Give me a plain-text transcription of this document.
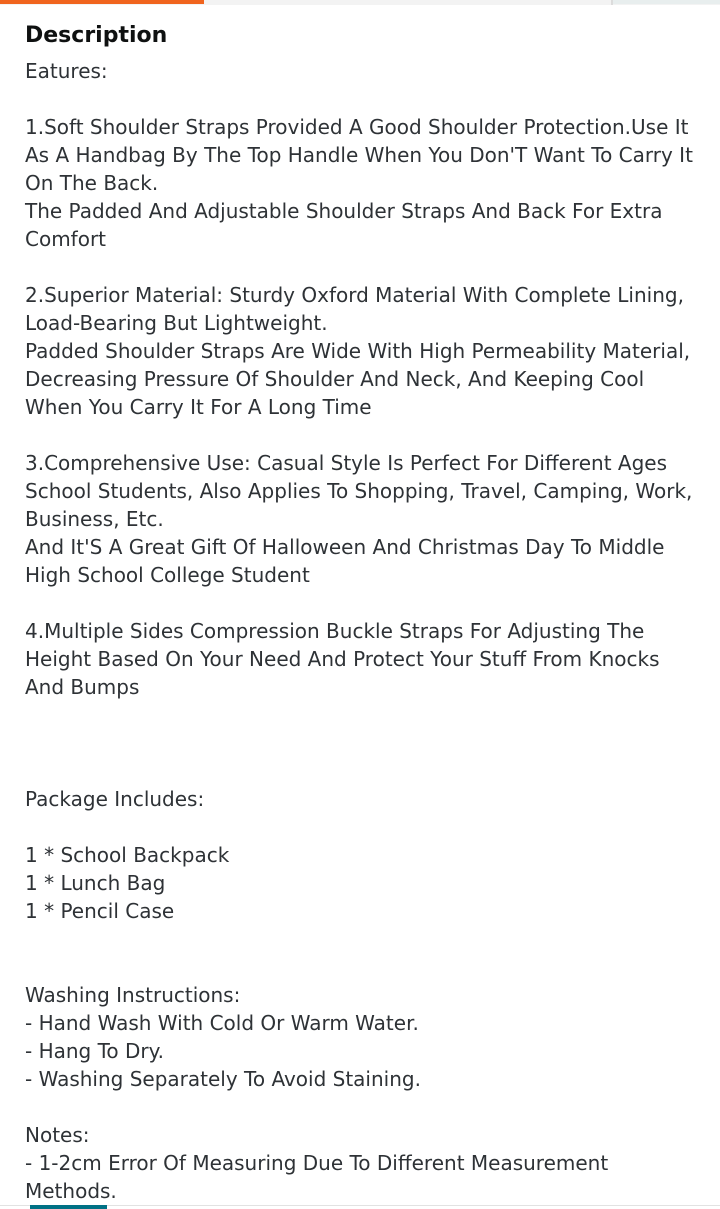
Description

Eatures:

1.Soft Shoulder Straps Provided A Good Shoulder Protection.Use It As A Handbag By The Top Handle When You Don'T Want To Carry It On The Back.
The Padded And Adjustable Shoulder Straps And Back For Extra Comfort

2.Superior Material: Sturdy Oxford Material With Complete Lining, Load-Bearing But Lightweight.
Padded Shoulder Straps Are Wide With High Permeability Material, Decreasing Pressure Of Shoulder And Neck, And Keeping Cool When You Carry It For A Long Time

3.Comprehensive Use: Casual Style Is Perfect For Different Ages School Students, Also Applies To Shopping, Travel, Camping, Work, Business, Etc.
And It'S A Great Gift Of Halloween And Christmas Day To Middle High School College Student

4.Multiple Sides Compression Buckle Straps For Adjusting The Height Based On Your Need And Protect Your Stuff From Knocks And Bumps

Package Includes:

1 * School Backpack
1 * Lunch Bag
1 * Pencil Case

Washing Instructions:
- Hand Wash With Cold Or Warm Water.
- Hang To Dry.
- Washing Separately To Avoid Staining.

Notes:
- 1-2cm Error Of Measuring Due To Different Measurement Methods.
